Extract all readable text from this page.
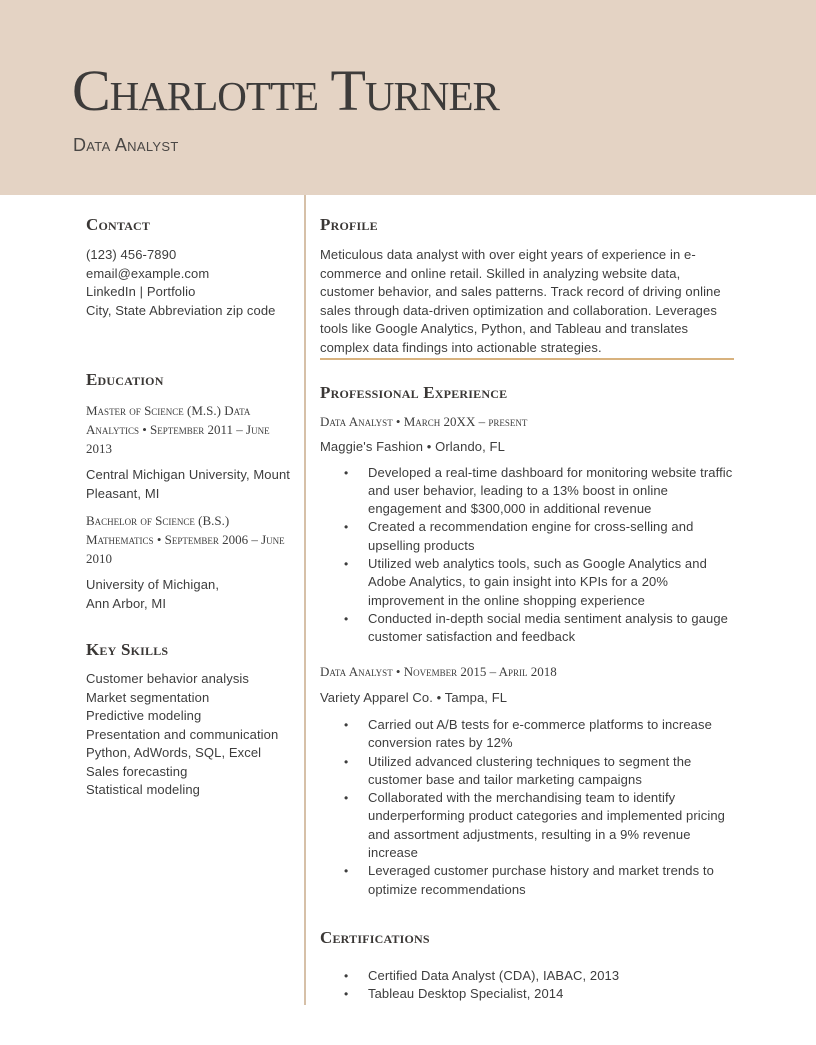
Charlotte Turner
Data Analyst
Contact
(123) 456-7890
email@example.com
LinkedIn | Portfolio
City, State Abbreviation zip code
Education
Master of Science (M.S.) Data
Analytics • September 2011 – June
2013
Central Michigan University, Mount
Pleasant, MI
Bachelor of Science (B.S.)
Mathematics • September 2006 – June
2010
University of Michigan,
Ann Arbor, MI
Key Skills
Customer behavior analysis
Market segmentation
Predictive modeling
Presentation and communication
Python, AdWords, SQL, Excel
Sales forecasting
Statistical modeling
Profile
Meticulous data analyst with over eight years of experience in e-commerce and online retail. Skilled in analyzing website data, customer behavior, and sales patterns. Track record of driving online sales through data-driven optimization and collaboration. Leverages tools like Google Analytics, Python, and Tableau and translates complex data findings into actionable strategies.
Professional Experience
Data Analyst • March 20XX – present
Maggie's Fashion • Orlando, FL
• Developed a real-time dashboard for monitoring website traffic and user behavior, leading to a 13% boost in online engagement and $300,000 in additional revenue
• Created a recommendation engine for cross-selling and upselling products
• Utilized web analytics tools, such as Google Analytics and Adobe Analytics, to gain insight into KPIs for a 20% improvement in the online shopping experience
• Conducted in-depth social media sentiment analysis to gauge customer satisfaction and feedback
Data Analyst • November 2015 – April 2018
Variety Apparel Co. • Tampa, FL
• Carried out A/B tests for e-commerce platforms to increase conversion rates by 12%
• Utilized advanced clustering techniques to segment the customer base and tailor marketing campaigns
• Collaborated with the merchandising team to identify underperforming product categories and implemented pricing and assortment adjustments, resulting in a 9% revenue increase
• Leveraged customer purchase history and market trends to optimize recommendations
Certifications
• Certified Data Analyst (CDA), IABAC, 2013
• Tableau Desktop Specialist, 2014
